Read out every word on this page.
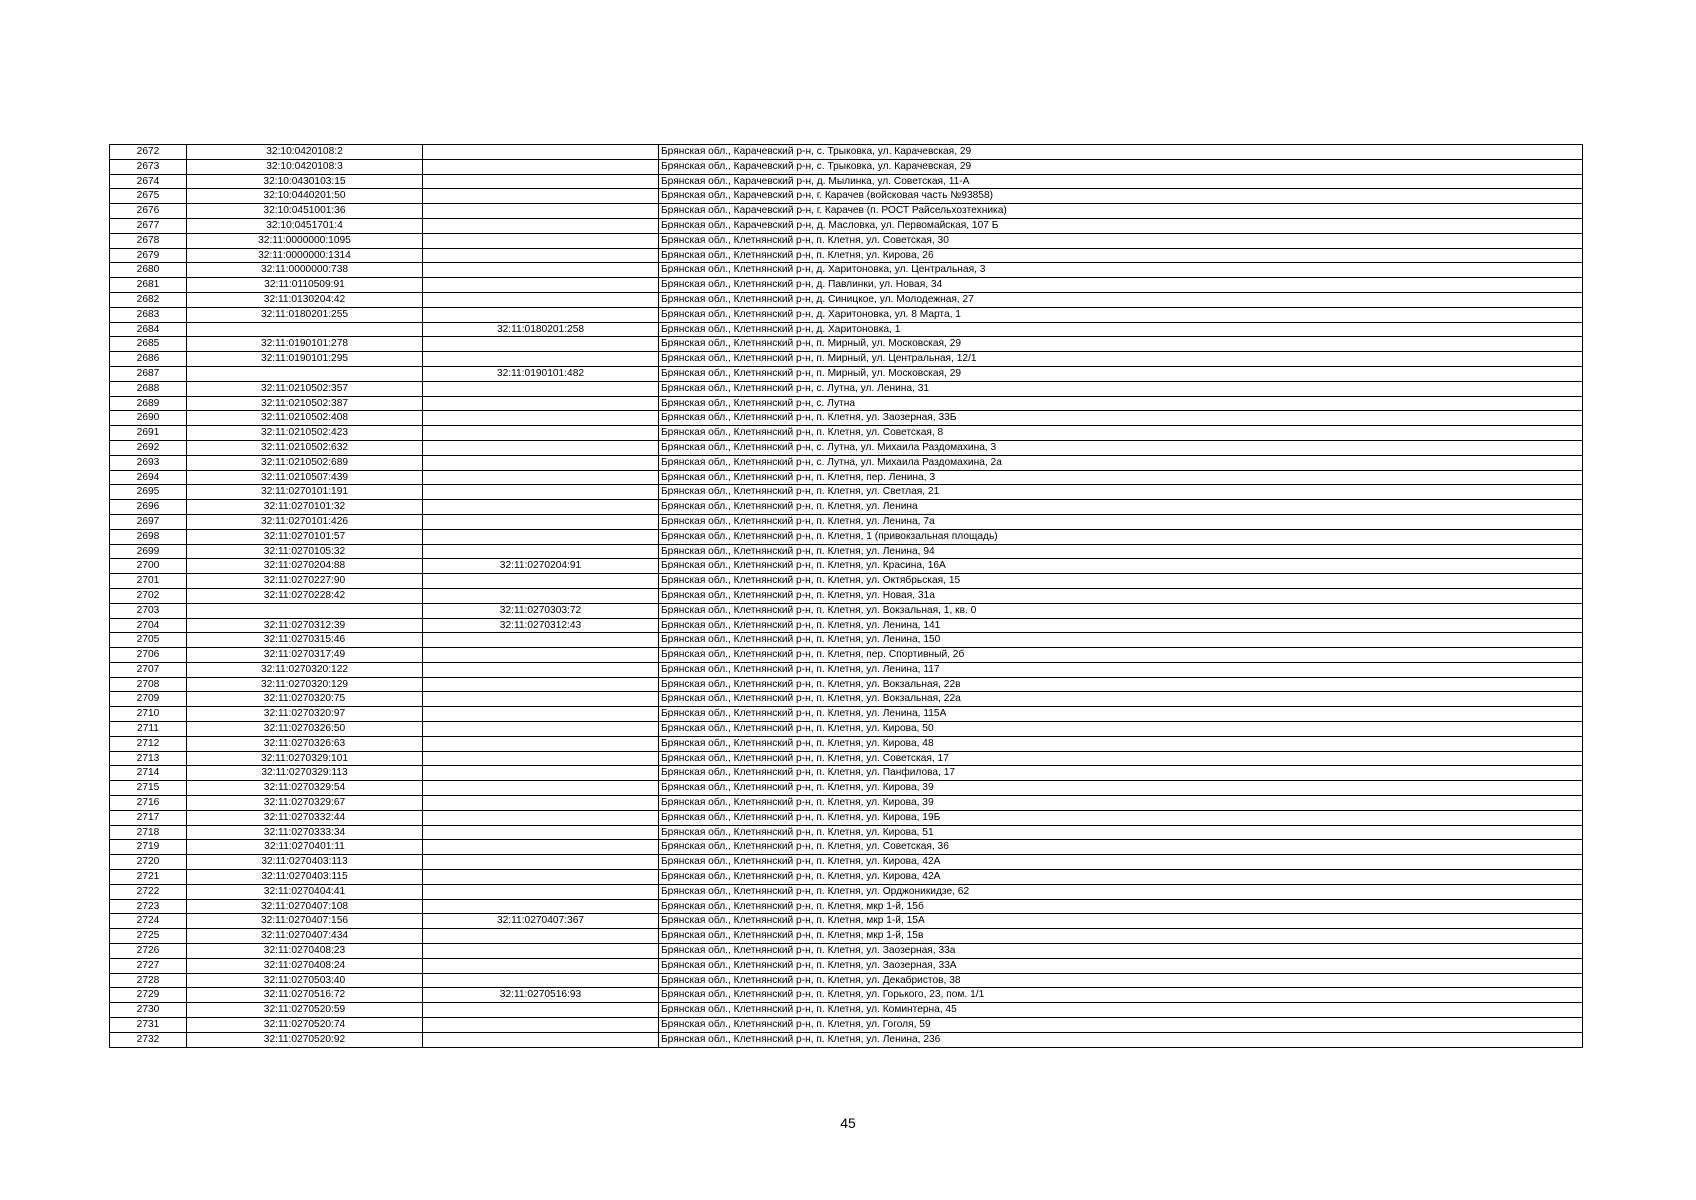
2672	32:10:0420108:2		Брянская обл., Карачевский р-н, с. Трыковка, ул. Карачевская, 29
2673	32:10:0420108:3		Брянская обл., Карачевский р-н, с. Трыковка, ул. Карачевская, 29
2674	32:10:0430103:15		Брянская обл., Карачевский р-н, д. Мылинка, ул. Советская, 11-А
2675	32:10:0440201:50		Брянская обл., Карачевский р-н, г. Карачев (войсковая часть №93858)
2676	32:10:0451001:36		Брянская обл., Карачевский р-н, г. Карачев (п. РОСТ Райсельхозтехника)
2677	32:10:0451701:4		Брянская обл., Карачевский р-н, д. Масловка, ул. Первомайская, 107 Б
2678	32:11:0000000:1095		Брянская обл., Клетнянский р-н, п. Клетня, ул. Советская, 30
2679	32:11:0000000:1314		Брянская обл., Клетнянский р-н, п. Клетня, ул. Кирова, 26
2680	32:11:0000000:738		Брянская обл., Клетнянский р-н, д. Харитоновка, ул. Центральная, 3
2681	32:11:0110509:91		Брянская обл., Клетнянский р-н, д. Павлинки, ул. Новая, 34
2682	32:11:0130204:42		Брянская обл., Клетнянский р-н, д. Синицкое, ул. Молодежная, 27
2683	32:11:0180201:255		Брянская обл., Клетнянский р-н, д. Харитоновка, ул. 8 Марта, 1
2684		32:11:0180201:258	Брянская обл., Клетнянский р-н, д. Харитоновка, 1
2685	32:11:0190101:278		Брянская обл., Клетнянский р-н, п. Мирный, ул. Московская, 29
2686	32:11:0190101:295		Брянская обл., Клетнянский р-н, п. Мирный, ул. Центральная, 12/1
2687		32:11:0190101:482	Брянская обл., Клетнянский р-н, п. Мирный, ул. Московская, 29
2688	32:11:0210502:357		Брянская обл., Клетнянский р-н, с. Лутна, ул. Ленина, 31
2689	32:11:0210502:387		Брянская обл., Клетнянский р-н, с. Лутна
2690	32:11:0210502:408		Брянская обл., Клетнянский р-н, п. Клетня, ул. Заозерная, 33Б
2691	32:11:0210502:423		Брянская обл., Клетнянский р-н, п. Клетня, ул. Советская, 8
2692	32:11:0210502:632		Брянская обл., Клетнянский р-н, с. Лутна, ул. Михаила Раздомахина, 3
2693	32:11:0210502:689		Брянская обл., Клетнянский р-н, с. Лутна, ул. Михаила Раздомахина, 2а
2694	32:11:0210507:439		Брянская обл., Клетнянский р-н, п. Клетня, пер. Ленина, 3
2695	32:11:0270101:191		Брянская обл., Клетнянский р-н, п. Клетня, ул. Светлая, 21
2696	32:11:0270101:32		Брянская обл., Клетнянский р-н, п. Клетня, ул. Ленина
2697	32:11:0270101:426		Брянская обл., Клетнянский р-н, п. Клетня, ул. Ленина, 7а
2698	32:11:0270101:57		Брянская обл., Клетнянский р-н, п. Клетня, 1 (привокзальная площадь)
2699	32:11:0270105:32		Брянская обл., Клетнянский р-н, п. Клетня, ул. Ленина, 94
2700	32:11:0270204:88	32:11:0270204:91	Брянская обл., Клетнянский р-н, п. Клетня, ул. Красина, 16А
2701	32:11:0270227:90		Брянская обл., Клетнянский р-н, п. Клетня, ул. Октябрьская, 15
2702	32:11:0270228:42		Брянская обл., Клетнянский р-н, п. Клетня, ул. Новая, 31а
2703		32:11:0270303:72	Брянская обл., Клетнянский р-н, п. Клетня, ул. Вокзальная, 1, кв. 0
2704	32:11:0270312:39	32:11:0270312:43	Брянская обл., Клетнянский р-н, п. Клетня, ул. Ленина, 141
2705	32:11:0270315:46		Брянская обл., Клетнянский р-н, п. Клетня, ул. Ленина, 150
2706	32:11:0270317:49		Брянская обл., Клетнянский р-н, п. Клетня, пер. Спортивный, 2б
2707	32:11:0270320:122		Брянская обл., Клетнянский р-н, п. Клетня, ул. Ленина, 117
2708	32:11:0270320:129		Брянская обл., Клетнянский р-н, п. Клетня, ул. Вокзальная, 22в
2709	32:11:0270320:75		Брянская обл., Клетнянский р-н, п. Клетня, ул. Вокзальная, 22а
2710	32:11:0270320:97		Брянская обл., Клетнянский р-н, п. Клетня, ул. Ленина, 115А
2711	32:11:0270326:50		Брянская обл., Клетнянский р-н, п. Клетня, ул. Кирова, 50
2712	32:11:0270326:63		Брянская обл., Клетнянский р-н, п. Клетня, ул. Кирова, 48
2713	32:11:0270329:101		Брянская обл., Клетнянский р-н, п. Клетня, ул. Советская, 17
2714	32:11:0270329:113		Брянская обл., Клетнянский р-н, п. Клетня, ул. Панфилова, 17
2715	32:11:0270329:54		Брянская обл., Клетнянский р-н, п. Клетня, ул. Кирова, 39
2716	32:11:0270329:67		Брянская обл., Клетнянский р-н, п. Клетня, ул. Кирова, 39
2717	32:11:0270332:44		Брянская обл., Клетнянский р-н, п. Клетня, ул. Кирова, 19Б
2718	32:11:0270333:34		Брянская обл., Клетнянский р-н, п. Клетня, ул. Кирова, 51
2719	32:11:0270401:11		Брянская обл., Клетнянский р-н, п. Клетня, ул. Советская, 36
2720	32:11:0270403:113		Брянская обл., Клетнянский р-н, п. Клетня, ул. Кирова, 42А
2721	32:11:0270403:115		Брянская обл., Клетнянский р-н, п. Клетня, ул. Кирова, 42А
2722	32:11:0270404:41		Брянская обл., Клетнянский р-н, п. Клетня, ул. Орджоникидзе, 62
2723	32:11:0270407:108		Брянская обл., Клетнянский р-н, п. Клетня, мкр 1-й, 15б
2724	32:11:0270407:156	32:11:0270407:367	Брянская обл., Клетнянский р-н, п. Клетня, мкр 1-й, 15А
2725	32:11:0270407:434		Брянская обл., Клетнянский р-н, п. Клетня, мкр 1-й, 15в
2726	32:11:0270408:23		Брянская обл., Клетнянский р-н, п. Клетня, ул. Заозерная, 33а
2727	32:11:0270408:24		Брянская обл., Клетнянский р-н, п. Клетня, ул. Заозерная, 33А
2728	32:11:0270503:40		Брянская обл., Клетнянский р-н, п. Клетня, ул. Декабристов, 38
2729	32:11:0270516:72	32:11:0270516:93	Брянская обл., Клетнянский р-н, п. Клетня, ул. Горького, 23, пом. 1/1
2730	32:11:0270520:59		Брянская обл., Клетнянский р-н, п. Клетня, ул. Коминтерна, 45
2731	32:11:0270520:74		Брянская обл., Клетнянский р-н, п. Клетня, ул. Гоголя, 59
2732	32:11:0270520:92		Брянская обл., Клетнянский р-н, п. Клетня, ул. Ленина, 236
45
